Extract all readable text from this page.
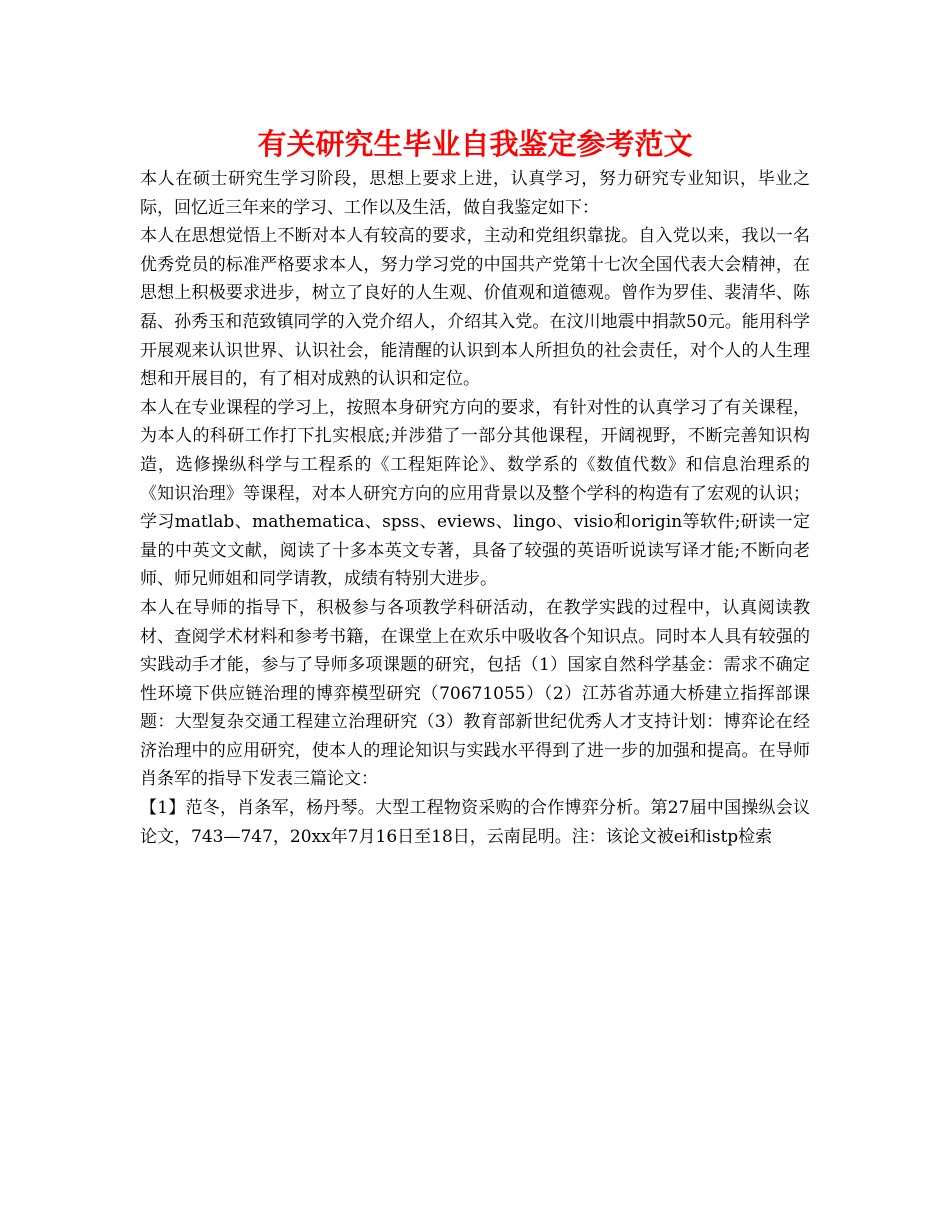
有关研究生毕业自我鉴定参考范文

本人在硕士研究生学习阶段，思想上要求上进，认真学习，努力研究专业知识，毕业之际，回忆近三年来的学习、工作以及生活，做自我鉴定如下：

本人在思想觉悟上不断对本人有较高的要求，主动和党组织靠拢。自入党以来，我以一名优秀党员的标准严格要求本人，努力学习党的中国共产党第十七次全国代表大会精神，在思想上积极要求进步，树立了良好的人生观、价值观和道德观。曾作为罗佳、裴清华、陈磊、孙秀玉和范致镇同学的入党介绍人，介绍其入党。在汶川地震中捐款50元。能用科学开展观来认识世界、认识社会，能清醒的认识到本人所担负的社会责任，对个人的人生理想和开展目的，有了相对成熟的认识和定位。

本人在专业课程的学习上，按照本身研究方向的要求，有针对性的认真学习了有关课程，为本人的科研工作打下扎实根底;并涉猎了一部分其他课程，开阔视野，不断完善知识构造，选修操纵科学与工程系的《工程矩阵论》、数学系的《数值代数》和信息治理系的《知识治理》等课程，对本人研究方向的应用背景以及整个学科的构造有了宏观的认识；学习matlab、mathematica、spss、eviews、lingo、visio和origin等软件;研读一定量的中英文文献，阅读了十多本英文专著，具备了较强的英语听说读写译才能;不断向老师、师兄师姐和同学请教，成绩有特别大进步。

本人在导师的指导下，积极参与各项教学科研活动，在教学实践的过程中，认真阅读教材、查阅学术材料和参考书籍，在课堂上在欢乐中吸收各个知识点。同时本人具有较强的实践动手才能，参与了导师多项课题的研究，包括（1）国家自然科学基金：需求不确定性环境下供应链治理的博弈模型研究（70671055）（2）江苏省苏通大桥建立指挥部课题：大型复杂交通工程建立治理研究（3）教育部新世纪优秀人才支持计划：博弈论在经济治理中的应用研究，使本人的理论知识与实践水平得到了进一步的加强和提高。在导师肖条军的指导下发表三篇论文：

【1】范冬，肖条军，杨丹琴。大型工程物资采购的合作博弈分析。第27届中国操纵会议论文，743—747，20xx年7月16日至18日，云南昆明。注：该论文被ei和istp检索
